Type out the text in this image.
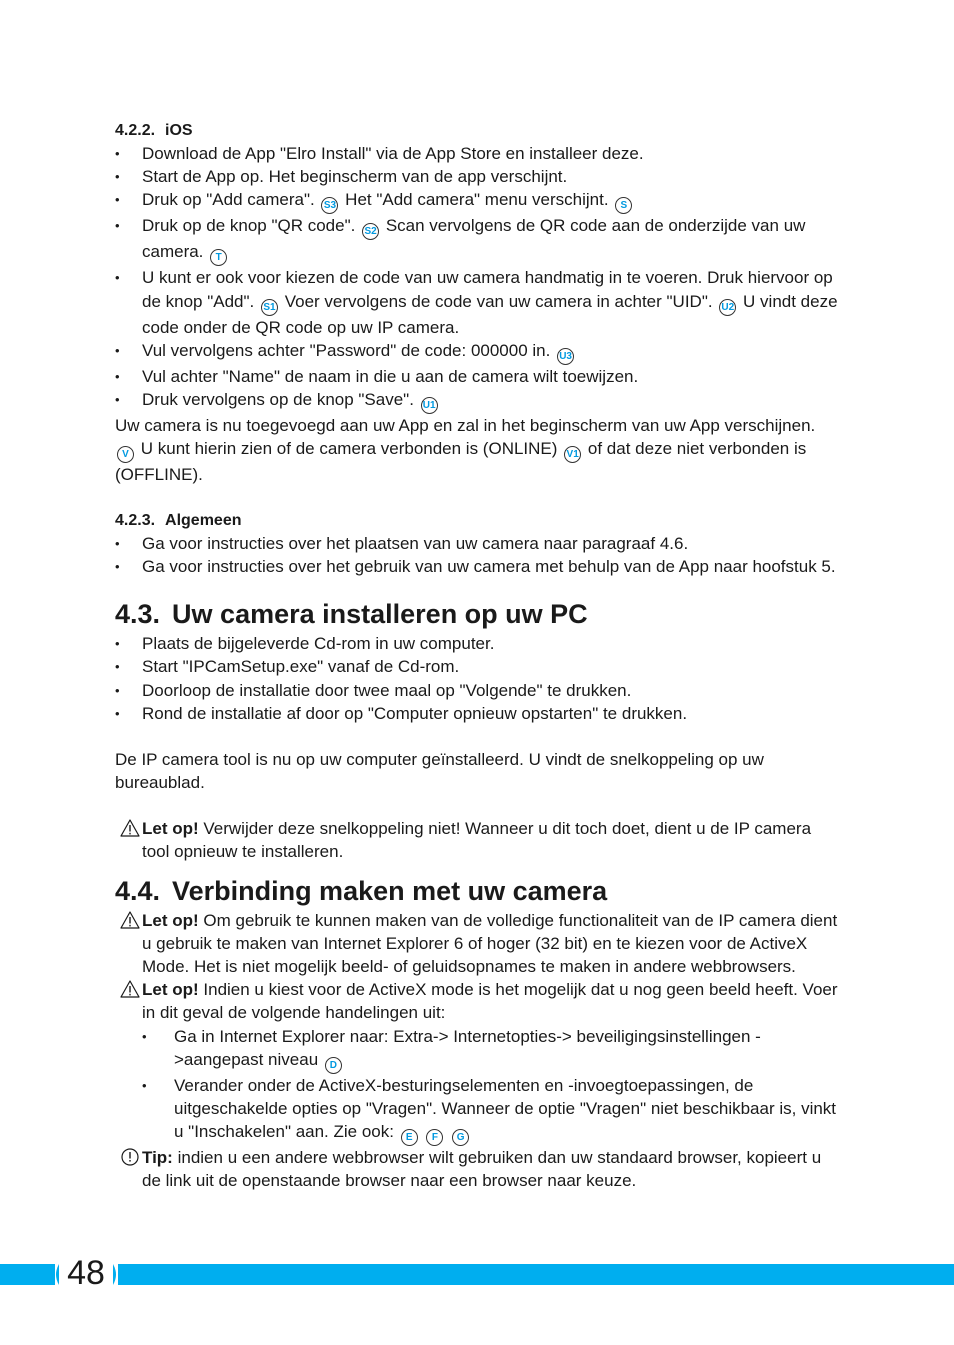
4.2.2. iOS

• Download de App "Elro Install" via de App Store en installeer deze.
• Start de App op. Het beginscherm van de app verschijnt.
• Druk op "Add camera". S3 Het "Add camera" menu verschijnt. S
• Druk op de knop "QR code". S2 Scan vervolgens de QR code aan de onderzijde van uw camera. T
• U kunt er ook voor kiezen de code van uw camera handmatig in te voeren. Druk hiervoor op de knop "Add". S1 Voer vervolgens de code van uw camera in achter "UID". U2 U vindt deze code onder de QR code op uw IP camera.
• Vul vervolgens achter "Password" de code: 000000 in. U3
• Vul achter "Name" de naam in die u aan de camera wilt toewijzen.
• Druk vervolgens op de knop "Save". U1

Uw camera is nu toegevoegd aan uw App en zal in het beginscherm van uw App verschijnen. V U kunt hierin zien of de camera verbonden is (ONLINE) V1 of dat deze niet verbonden is (OFFLINE).

4.2.3. Algemeen

• Ga voor instructies over het plaatsen van uw camera naar paragraaf 4.6.
• Ga voor instructies over het gebruik van uw camera met behulp van de App naar hoofstuk 5.
4.3. Uw camera installeren op uw PC
• Plaats de bijgeleverde Cd-rom in uw computer.
• Start "IPCamSetup.exe" vanaf de Cd-rom.
• Doorloop de installatie door twee maal op "Volgende" te drukken.
• Rond de installatie af door op "Computer opnieuw opstarten" te drukken.

De IP camera tool is nu op uw computer geïnstalleerd. U vindt de snelkoppeling op uw bureaublad.

Let op! Verwijder deze snelkoppeling niet! Wanneer u dit toch doet, dient u de IP camera tool opnieuw te installeren.
4.4. Verbinding maken met uw camera
Let op! Om gebruik te kunnen maken van de volledige functionaliteit van de IP camera dient u gebruik te maken van Internet Explorer 6 of hoger (32 bit) en te kiezen voor de ActiveX Mode. Het is niet mogelijk beeld- of geluidsopnames te maken in andere webbrowsers.
Let op! Indien u kiest voor de ActiveX mode is het mogelijk dat u nog geen beeld heeft. Voer in dit geval de volgende handelingen uit:
• Ga in Internet Explorer naar: Extra-> Internetopties-> beveiligingsinstellingen ->aangepast niveau D
• Verander onder de ActiveX-besturingselementen en -invoegtoepassingen, de uitgeschakelde opties op "Vragen". Wanneer de optie "Vragen" niet beschikbaar is, vinkt u "Inschakelen" aan. Zie ook: E F G
Tip: indien u een andere webbrowser wilt gebruiken dan uw standaard browser, kopieert u de link uit de openstaande browser naar een browser naar keuze.
48
